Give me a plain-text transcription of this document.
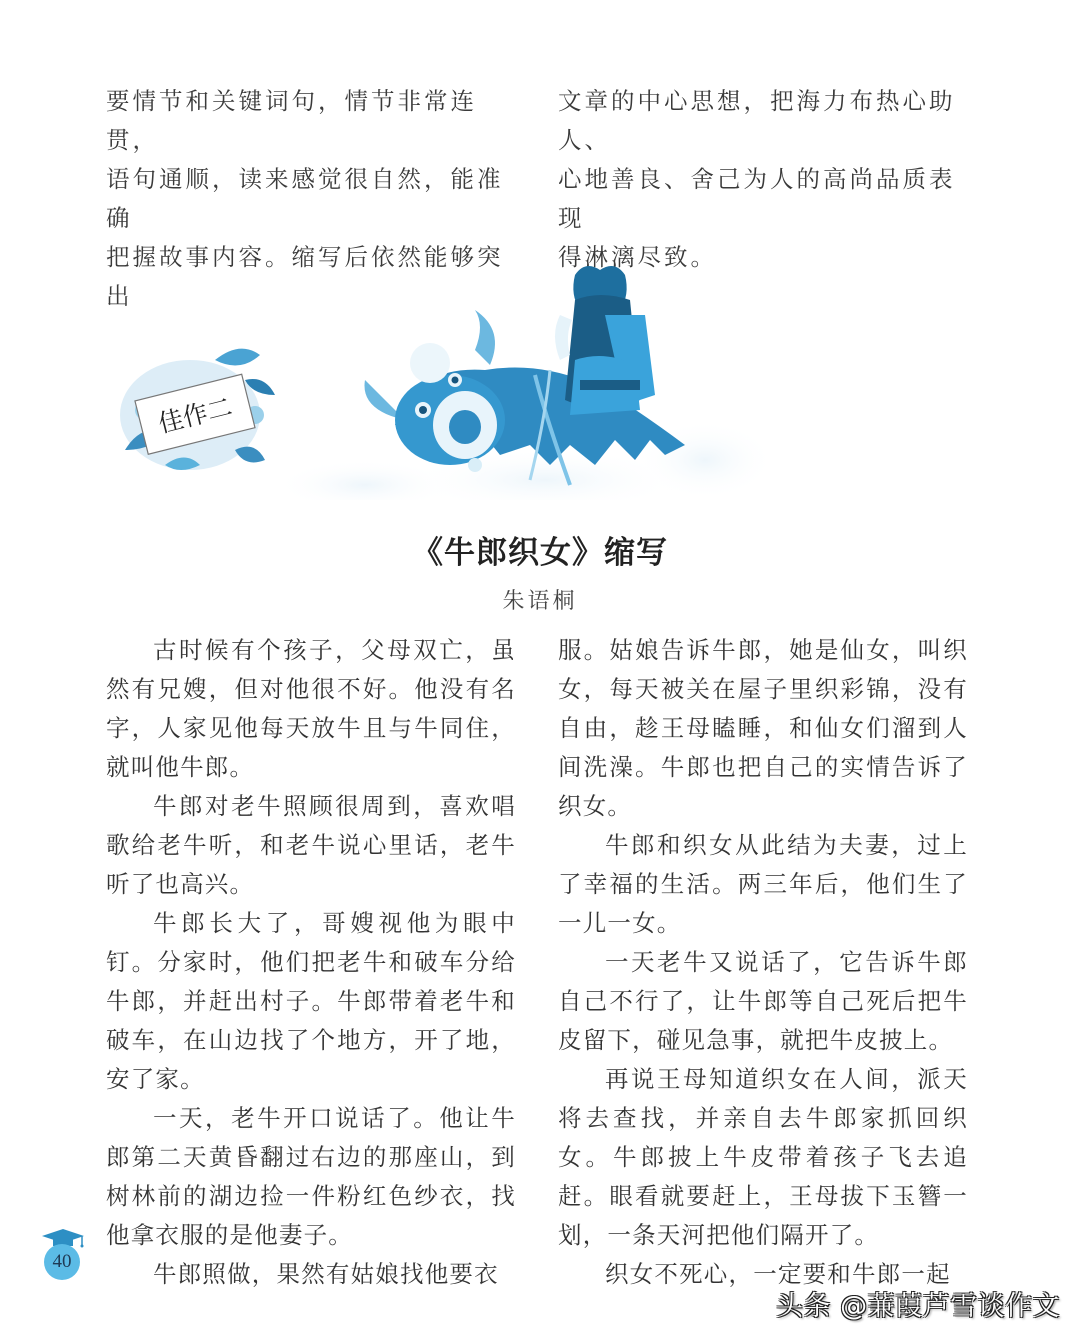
要情节和关键词句，情节非常连贯，

语句通顺，读来感觉很自然，能准确

把握故事内容。缩写后依然能够突出

文章的中心思想，把海力布热心助人、

心地善良、舍己为人的高尚品质表现

得淋漓尽致。

佳作二
《牛郎织女》缩写
朱语桐

古时候有个孩子，父母双亡，虽然有兄嫂，但对他很不好。他没有名字，人家见他每天放牛且与牛同住，就叫他牛郎。

牛郎对老牛照顾很周到，喜欢唱歌给老牛听，和老牛说心里话，老牛听了也高兴。

牛郎长大了，哥嫂视他为眼中钉。分家时，他们把老牛和破车分给牛郎，并赶出村子。牛郎带着老牛和破车，在山边找了个地方，开了地，安了家。

一天，老牛开口说话了。他让牛郎第二天黄昏翻过右边的那座山，到树林前的湖边捡一件粉红色纱衣，找他拿衣服的是他妻子。

牛郎照做，果然有姑娘找他要衣

服。姑娘告诉牛郎，她是仙女，叫织女，每天被关在屋子里织彩锦，没有自由，趁王母瞌睡，和仙女们溜到人间洗澡。牛郎也把自己的实情告诉了织女。

牛郎和织女从此结为夫妻，过上了幸福的生活。两三年后，他们生了一儿一女。

一天老牛又说话了，它告诉牛郎自己不行了，让牛郎等自己死后把牛皮留下，碰见急事，就把牛皮披上。

再说王母知道织女在人间，派天将去查找，并亲自去牛郎家抓回织女。牛郎披上牛皮带着孩子飞去追赶。眼看就要赶上，王母拔下玉簪一划，一条天河把他们隔开了。

织女不死心，一定要和牛郎一起

40
头条 @蒹葭芦雪谈作文
